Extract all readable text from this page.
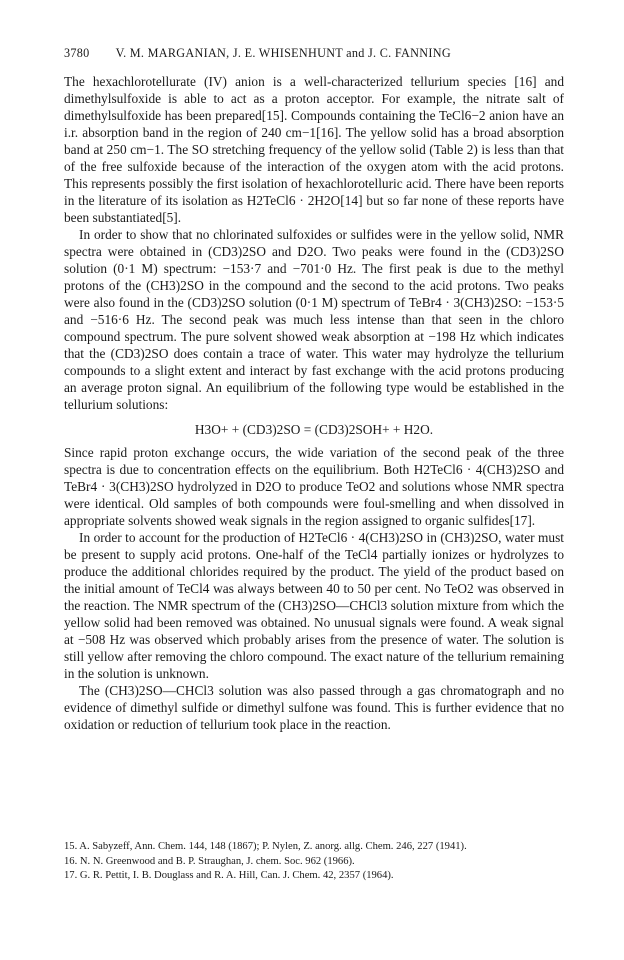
3780 V. M. MARGANIAN, J. E. WHISENHUNT and J. C. FANNING

The hexachlorotellurate (IV) anion is a well-characterized tellurium species [16] and dimethylsulfoxide is able to act as a proton acceptor. For example, the nitrate salt of dimethylsulfoxide has been prepared[15]. Compounds containing the TeCl6−2 anion have an i.r. absorption band in the region of 240 cm−1[16]. The yellow solid has a broad absorption band at 250 cm−1. The SO stretching frequency of the yellow solid (Table 2) is less than that of the free sulfoxide because of the interaction of the oxygen atom with the acid protons. This represents possibly the first isolation of hexachlorotelluric acid. There have been reports in the literature of its isolation as H2TeCl6 · 2H2O[14] but so far none of these reports have been substantiated[5].

In order to show that no chlorinated sulfoxides or sulfides were in the yellow solid, NMR spectra were obtained in (CD3)2SO and D2O. Two peaks were found in the (CD3)2SO solution (0·1 M) spectrum: −153·7 and −701·0 Hz. The first peak is due to the methyl protons of the (CH3)2SO in the compound and the second to the acid protons. Two peaks were also found in the (CD3)2SO solution (0·1 M) spectrum of TeBr4 · 3(CH3)2SO: −153·5 and −516·6 Hz. The second peak was much less intense than that seen in the chloro compound spectrum. The pure solvent showed weak absorption at −198 Hz which indicates that the (CD3)2SO does contain a trace of water. This water may hydrolyze the tellurium compounds to a slight extent and interact by fast exchange with the acid protons producing an average proton signal. An equilibrium of the following type would be established in the tellurium solutions:

H3O+ + (CD3)2SO = (CD3)2SOH+ + H2O.

Since rapid proton exchange occurs, the wide variation of the second peak of the three spectra is due to concentration effects on the equilibrium. Both H2TeCl6 · 4(CH3)2SO and TeBr4 · 3(CH3)2SO hydrolyzed in D2O to produce TeO2 and solutions whose NMR spectra were identical. Old samples of both compounds were foul-smelling and when dissolved in appropriate solvents showed weak signals in the region assigned to organic sulfides[17].

In order to account for the production of H2TeCl6 · 4(CH3)2SO in (CH3)2SO, water must be present to supply acid protons. One-half of the TeCl4 partially ionizes or hydrolyzes to produce the additional chlorides required by the product. The yield of the product based on the initial amount of TeCl4 was always between 40 to 50 per cent. No TeO2 was observed in the reaction. The NMR spectrum of the (CH3)2SO—CHCl3 solution mixture from which the yellow solid had been removed was obtained. No unusual signals were found. A weak signal at −508 Hz was observed which probably arises from the presence of water. The solution is still yellow after removing the chloro compound. The exact nature of the tellurium remaining in the solution is unknown.

The (CH3)2SO—CHCl3 solution was also passed through a gas chromatograph and no evidence of dimethyl sulfide or dimethyl sulfone was found. This is further evidence that no oxidation or reduction of tellurium took place in the reaction.

15. A. Sabyzeff, Ann. Chem. 144, 148 (1867); P. Nylen, Z. anorg. allg. Chem. 246, 227 (1941).
16. N. N. Greenwood and B. P. Straughan, J. chem. Soc. 962 (1966).
17. G. R. Pettit, I. B. Douglass and R. A. Hill, Can. J. Chem. 42, 2357 (1964).
